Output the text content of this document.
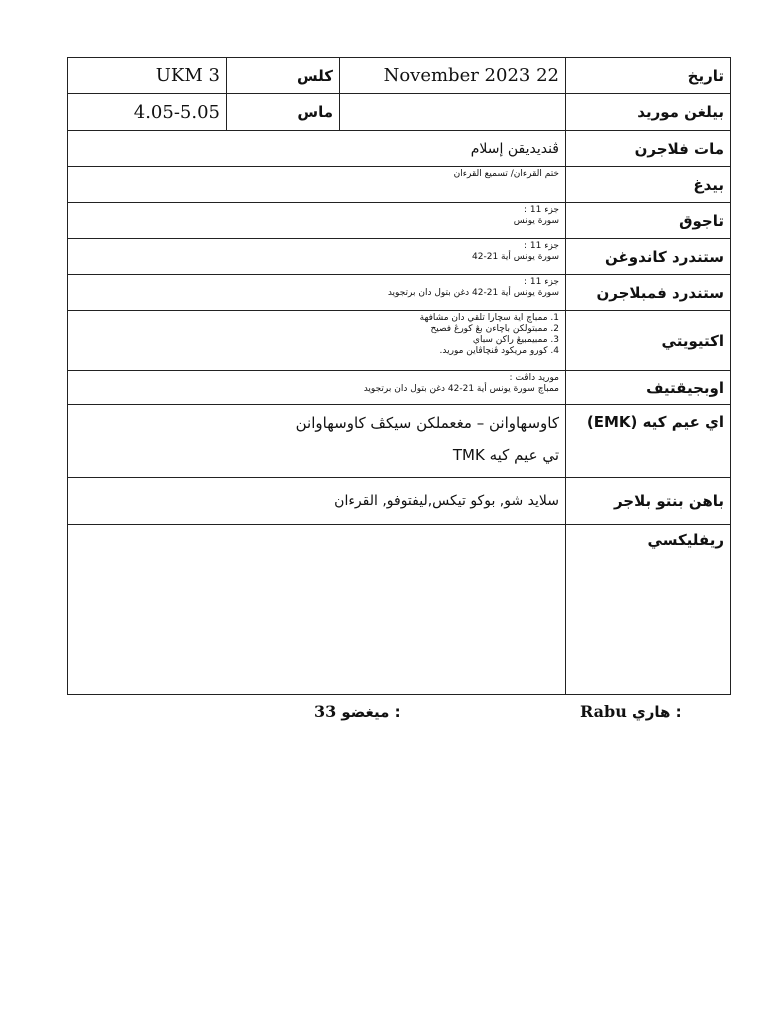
UKM 3	كلس	November 2023 22	تاريخ
4.05-5.05	ماس		بيلغن موريد
ڤنديديقن إسلام			مات فلاجرن
ختم القرءان/ تسميع القرءان			بيدغ

جزء 11 :
سورة يونس			تاجوق

جزء 11 :
سورة يونس أية 21-42			ستندرد كاندوغن

جزء 11 :
سورة يونس أية 21-42 دغن بتول دان برتجويد			ستندرد فمبلاجرن

1. ممباچ اية سچارا تلقي دان مشافهة
2. ممبتولكن باچاءن بڠ كورڠ فصيح
3. ممبيمبيڠ راكن سباي
4. كورو مريكود ڤنچاڤاين موريد.			اكتيويتي

موريد داڤت :
ممباچ سورة يونس أية 21-42 دغن بتول دان برتجويد			اوبجيقتيف

كاوسهاوانن – مغعملكن سيكڤ كاوسهاوانن
تي عيم كيه TMK			اي عيم كيه (EMK)
سلايد شو, بوكو تيكس,ليفتوفو, القرءان			باهن بنتو بلاجر
			ريفليكسي
Rabu هاري :
33 ميغضو :
